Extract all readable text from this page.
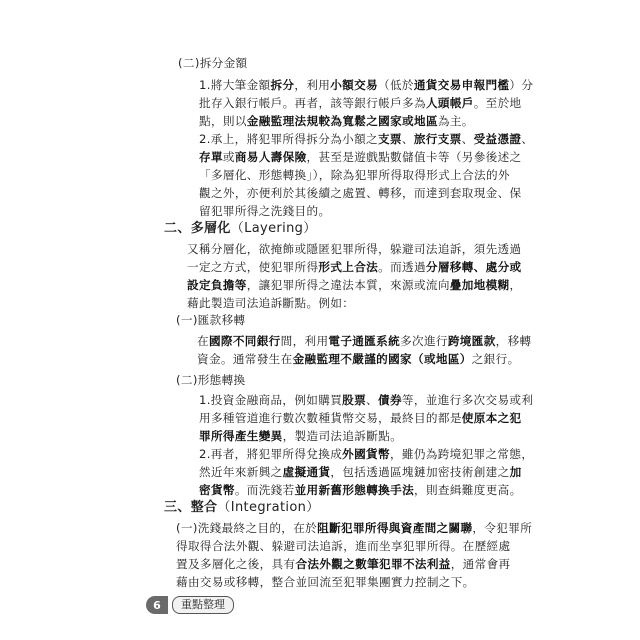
(二)拆分金額
1.將大筆金額拆分，利用小額交易（低於通貨交易申報門檻）分
批存入銀行帳戶。再者，該等銀行帳戶多為人頭帳戶。至於地
點，則以金融監理法規較為寬鬆之國家或地區為主。
2.承上，將犯罪所得拆分為小額之支票、旅行支票、受益憑證、
存單或商易人壽保險，甚至是遊戲點數儲值卡等（另參後述之
「多層化、形態轉換」），除為犯罪所得取得形式上合法的外
觀之外，亦便利於其後續之處置、轉移，而達到套取現金、保
留犯罪所得之洗錢目的。
二、多層化（Layering）
又稱分層化，欲掩飾或隱匿犯罪所得，躲避司法追訴，須先透過
一定之方式，使犯罪所得形式上合法。而透過分層移轉、處分或
設定負擔等，讓犯罪所得之違法本質，來源或流向疊加地模糊，
藉此製造司法追訴斷點。例如：
(一)匯款移轉
在國際不同銀行間，利用電子通匯系統多次進行跨境匯款，移轉
資金。通常發生在金融監理不嚴謹的國家（或地區）之銀行。
(二)形態轉換
1.投資金融商品，例如購買股票、債券等，並進行多次交易或利
用多種管道進行數次數種貨幣交易，最終目的都是使原本之犯
罪所得產生變異，製造司法追訴斷點。
2.再者，將犯罪所得兌換成外國貨幣，雖仍為跨境犯罪之常態，
然近年來新興之虛擬通貨，包括透過區塊鏈加密技術創建之加
密貨幣。而洗錢若並用新舊形態轉換手法，則查緝難度更高。
三、整合（Integration）
(一)洗錢最終之目的，在於阻斷犯罪所得與資產間之關聯，令犯罪所
得取得合法外觀、躲避司法追訴，進而坐享犯罪所得。在歷經處
置及多層化之後，具有合法外觀之數筆犯罪不法利益，通常會再
藉由交易或移轉，整合並回流至犯罪集團實力控制之下。
6	重點整理
